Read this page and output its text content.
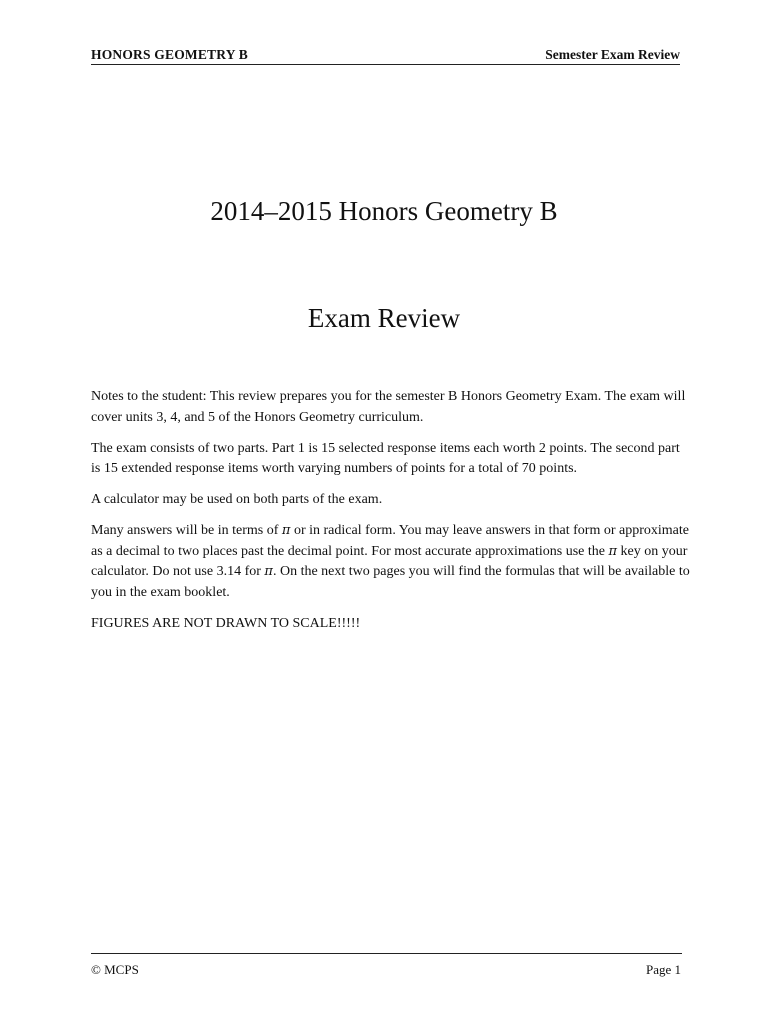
HONORS GEOMETRY B	Semester Exam Review
2014–2015 Honors Geometry B
Exam Review

Notes to the student: This review prepares you for the semester B Honors Geometry Exam. The exam will cover units 3, 4, and 5 of the Honors Geometry curriculum.

The exam consists of two parts. Part 1 is 15 selected response items each worth 2 points. The second part is 15 extended response items worth varying numbers of points for a total of 70 points.

A calculator may be used on both parts of the exam.

Many answers will be in terms of π or in radical form. You may leave answers in that form or approximate as a decimal to two places past the decimal point. For most accurate approximations use the π key on your calculator. Do not use 3.14 for π. On the next two pages you will find the formulas that will be available to you in the exam booklet.

FIGURES ARE NOT DRAWN TO SCALE!!!!!

© MCPS	Page 1
